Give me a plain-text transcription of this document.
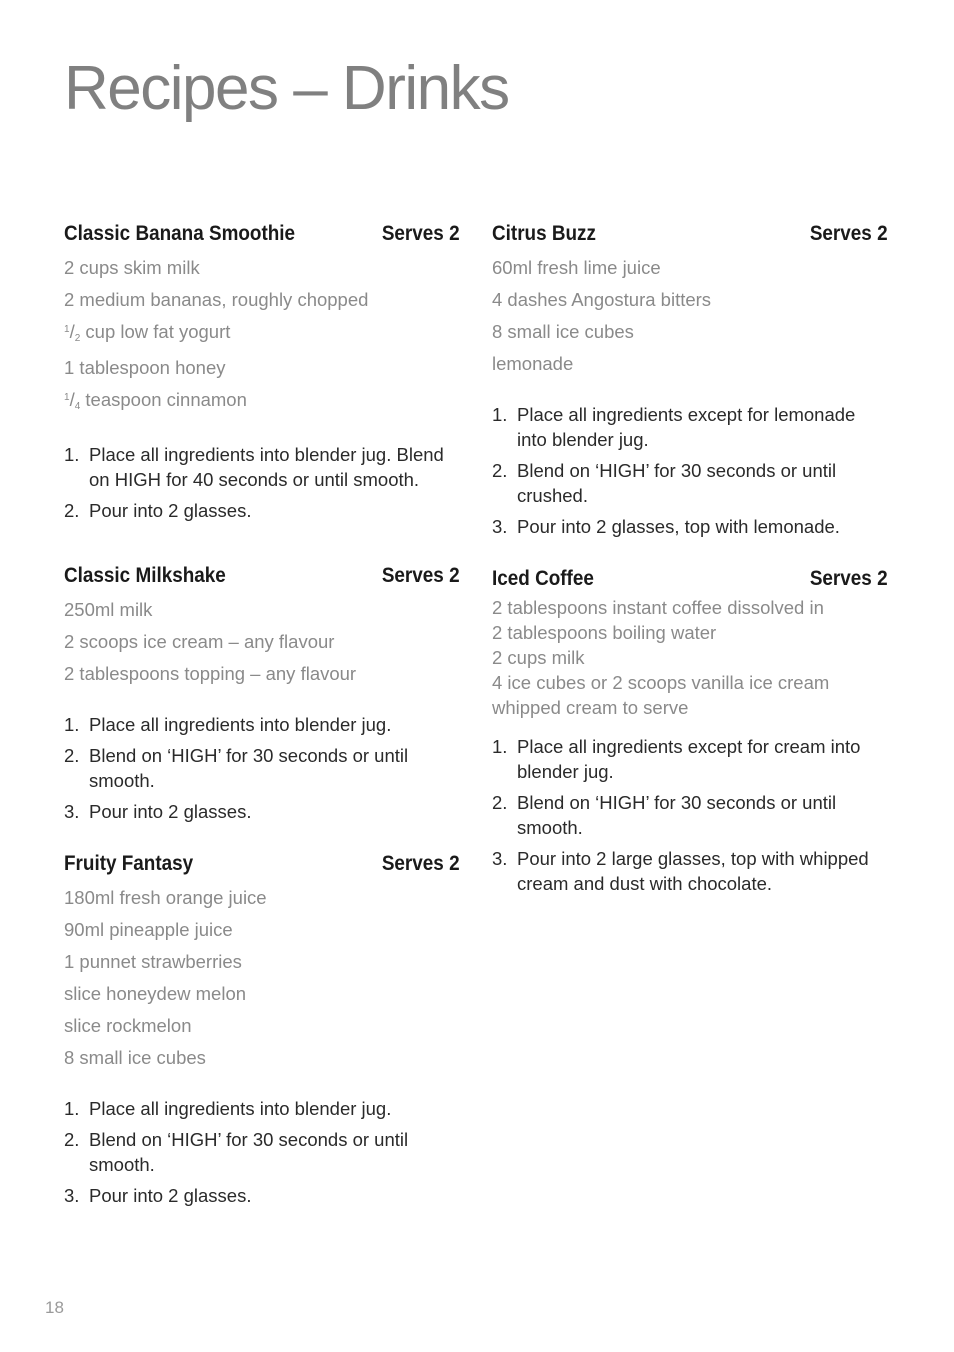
Recipes – Drinks
Classic Banana Smoothie	Serves 2
2 cups skim milk
2 medium bananas, roughly chopped
$^1$/2 cup low fat yogurt
1 tablespoon honey
$^1$/4 teaspoon cinnamon
1. Place all ingredients into blender jug. Blend on HIGH for 40 seconds or until smooth.
2. Pour into 2 glasses.
Classic Milkshake	Serves 2
250ml milk
2 scoops ice cream – any flavour
2 tablespoons topping – any flavour
1. Place all ingredients into blender jug.
2. Blend on ‘HIGH’ for 30 seconds or until smooth.
3. Pour into 2 glasses.
Fruity Fantasy	Serves 2
180ml fresh orange juice
90ml pineapple juice
1 punnet strawberries
slice honeydew melon
slice rockmelon
8 small ice cubes
1. Place all ingredients into blender jug.
2. Blend on ‘HIGH’ for 30 seconds or until smooth.
3. Pour into 2 glasses.
Citrus Buzz	Serves 2
60ml fresh lime juice
4 dashes Angostura bitters
8 small ice cubes
lemonade
1. Place all ingredients except for lemonade into blender jug.
2. Blend on ‘HIGH’ for 30 seconds or until crushed.
3. Pour into 2 glasses, top with lemonade.
Iced Coffee	Serves 2
2 tablespoons instant coffee dissolved in
2 tablespoons boiling water
2 cups milk
4 ice cubes or 2 scoops vanilla ice cream
whipped cream to serve
1. Place all ingredients except for cream into blender jug.
2. Blend on ‘HIGH’ for 30 seconds or until smooth.
3. Pour into 2 large glasses, top with whipped cream and dust with chocolate.
18
